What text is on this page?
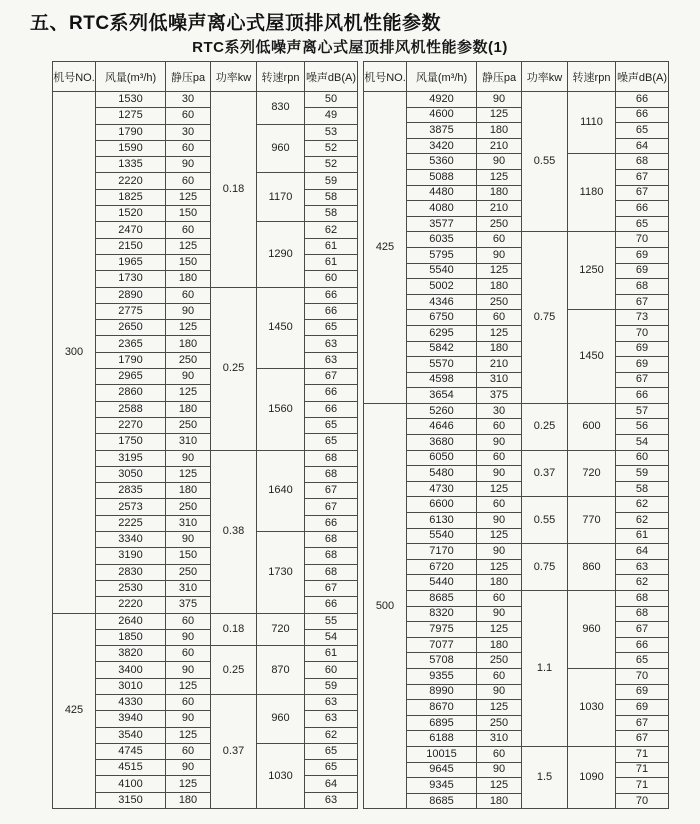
五、RTC系列低噪声离心式屋顶排风机性能参数
RTC系列低噪声离心式屋顶排风机性能参数(1)
机号NO.	风量(m³/h)	静压pa	功率kw	转速rpn	噪声dB(A)
300	1530	30	0.18	830	50
	1275	60			49
	1790	30		960	53
	1590	60			52
	1335	90			52
	2220	60		1170	59
	1825	125			58
	1520	150			58
	2470	60		1290	62
	2150	125			61
	1965	150			61
	1730	180			60
	2890	60	0.25	1450	66
	2775	90			66
	2650	125			65
	2365	180			63
	1790	250			63
	2965	90		1560	67
	2860	125			66
	2588	180			66
	2270	250			65
	1750	310			65
	3195	90	0.38	1640	68
	3050	125			68
	2835	180			67
	2573	250			67
	2225	310			66
	3340	90		1730	68
	3190	150			68
	2830	250			68
	2530	310			67
	2220	375			66
425	2640	60	0.18	720	55
	1850	90			54
	3820	60	0.25	870	61
	3400	90			60
	3010	125			59
	4330	60	0.37	960	63
	3940	90			63
	3540	125			62
	4745	60		1030	65
	4515	90			65
	4100	125			64
	3150	180			63
机号NO.	风量(m³/h)	静压pa	功率kw	转速rpn	噪声dB(A)
425	4920	90	0.55	1110	66
	4600	125			66
	3875	180			65
	3420	210			64
	5360	90		1180	68
	5088	125			67
	4480	180			67
	4080	210			66
	3577	250			65
	6035	60	0.75	1250	70
	5795	90			69
	5540	125			69
	5002	180			68
	4346	250			67
	6750	60		1450	73
	6295	125			70
	5842	180			69
	5570	210			69
	4598	310			67
	3654	375			66
500	5260	30	0.25	600	57
	4646	60			56
	3680	90			54
	6050	60	0.37	720	60
	5480	90			59
	4730	125			58
	6600	60	0.55	770	62
	6130	90			62
	5540	125			61
	7170	90	0.75	860	64
	6720	125			63
	5440	180			62
	8685	60	1.1	960	68
	8320	90			68
	7975	125			67
	7077	180			66
	5708	250			65
	9355	60		1030	70
	8990	90			69
	8670	125			69
	6895	250			67
	6188	310			67
	10015	60	1.5	1090	71
	9645	90			71
	9345	125			71
	8685	180			70
